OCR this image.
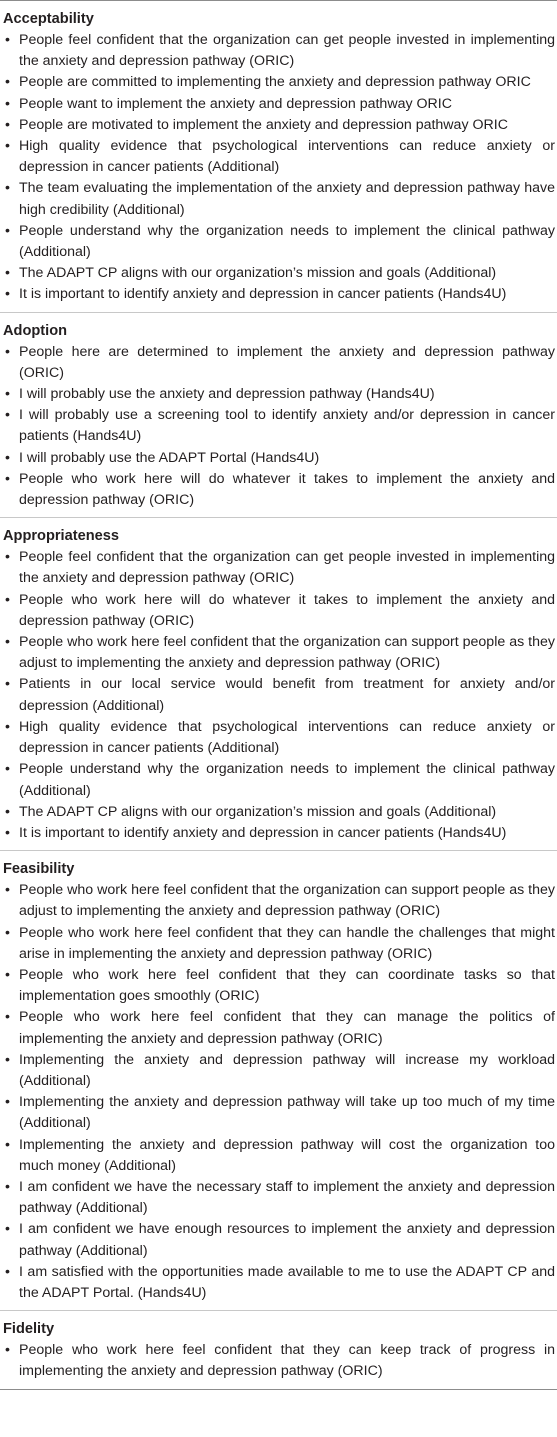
Acceptability
• People feel confident that the organization can get people invested in implementing the anxiety and depression pathway (ORIC)
• People are committed to implementing the anxiety and depression pathway ORIC
• People want to implement the anxiety and depression pathway ORIC
• People are motivated to implement the anxiety and depression pathway ORIC
• High quality evidence that psychological interventions can reduce anxiety or depression in cancer patients (Additional)
• The team evaluating the implementation of the anxiety and depression pathway have high credibility (Additional)
• People understand why the organization needs to implement the clinical pathway (Additional)
• The ADAPT CP aligns with our organization’s mission and goals (Additional)
• It is important to identify anxiety and depression in cancer patients (Hands4U)
Adoption
• People here are determined to implement the anxiety and depression pathway (ORIC)
• I will probably use the anxiety and depression pathway (Hands4U)
• I will probably use a screening tool to identify anxiety and/or depression in cancer patients (Hands4U)
• I will probably use the ADAPT Portal (Hands4U)
• People who work here will do whatever it takes to implement the anxiety and depression pathway (ORIC)
Appropriateness
• People feel confident that the organization can get people invested in implementing the anxiety and depression pathway (ORIC)
• People who work here will do whatever it takes to implement the anxiety and depression pathway (ORIC)
• People who work here feel confident that the organization can support people as they adjust to implementing the anxiety and depression pathway (ORIC)
• Patients in our local service would benefit from treatment for anxiety and/or depression (Additional)
• High quality evidence that psychological interventions can reduce anxiety or depression in cancer patients (Additional)
• People understand why the organization needs to implement the clinical pathway (Additional)
• The ADAPT CP aligns with our organization’s mission and goals (Additional)
• It is important to identify anxiety and depression in cancer patients (Hands4U)
Feasibility
• People who work here feel confident that the organization can support people as they adjust to implementing the anxiety and depression pathway (ORIC)
• People who work here feel confident that they can handle the challenges that might arise in implementing the anxiety and depression pathway (ORIC)
• People who work here feel confident that they can coordinate tasks so that implementation goes smoothly (ORIC)
• People who work here feel confident that they can manage the politics of implementing the anxiety and depression pathway (ORIC)
• Implementing the anxiety and depression pathway will increase my workload (Additional)
• Implementing the anxiety and depression pathway will take up too much of my time (Additional)
• Implementing the anxiety and depression pathway will cost the organization too much money (Additional)
• I am confident we have the necessary staff to implement the anxiety and depression pathway (Additional)
• I am confident we have enough resources to implement the anxiety and depression pathway (Additional)
• I am satisfied with the opportunities made available to me to use the ADAPT CP and the ADAPT Portal. (Hands4U)
Fidelity
• People who work here feel confident that they can keep track of progress in implementing the anxiety and depression pathway (ORIC)
